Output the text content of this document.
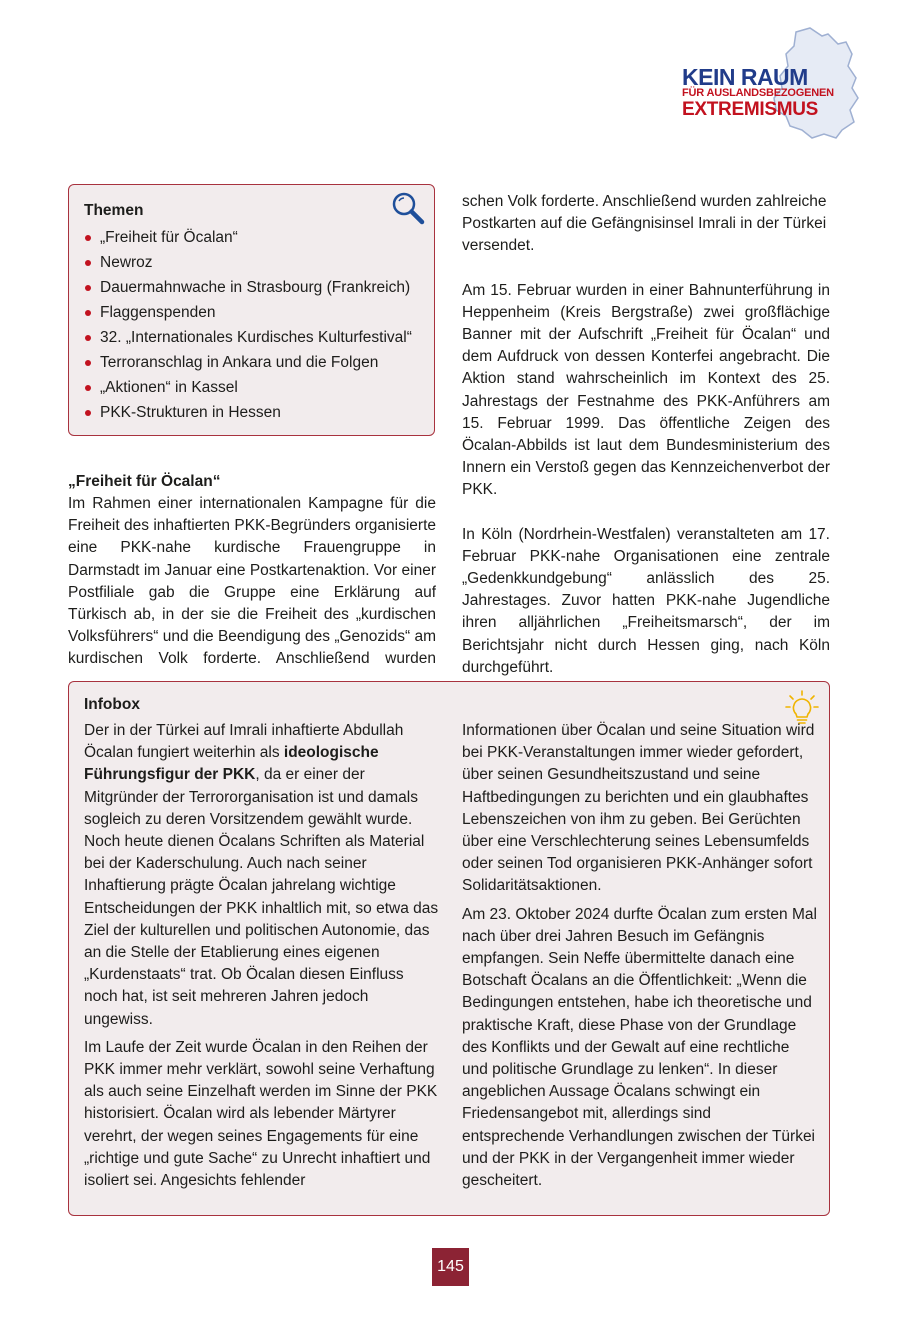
KEIN RAUM
FÜR AUSLANDSBEZOGENEN
EXTREMISMUS
Themen
„Freiheit für Öcalan“
Newroz
Dauermahnwache in Strasbourg (Frankreich)
Flaggenspenden
32. „Internationales Kurdisches Kulturfestival“
Terroranschlag in Ankara und die Folgen
„Aktionen“ in Kassel
PKK-Strukturen in Hessen
„Freiheit für Öcalan“

Im Rahmen einer internationalen Kampagne für die Freiheit des inhaftierten PKK-Begründers organisierte eine PKK-nahe kurdische Frauengruppe in Darmstadt im Januar eine Postkartenaktion. Vor einer Postfiliale gab die Gruppe eine Erklärung auf Türkisch ab, in der sie die Freiheit des „kurdischen Volksführers“ und die Beendigung des „Genozids“ am kurdischen Volk forderte. Anschließend wurden

schen Volk forderte. Anschließend wurden zahlreiche Postkarten auf die Gefängnisinsel Imrali in der Türkei versendet.

Am 15. Februar wurden in einer Bahnunterführung in Heppenheim (Kreis Bergstraße) zwei großflächige Banner mit der Aufschrift „Freiheit für Öcalan“ und dem Aufdruck von dessen Konterfei angebracht. Die Aktion stand wahrscheinlich im Kontext des 25. Jahrestags der Festnahme des PKK-Anführers am 15. Februar 1999. Das öffentliche Zeigen des Öcalan-Abbilds ist laut dem Bundesministerium des Innern ein Verstoß gegen das Kennzeichenverbot der PKK.

In Köln (Nordrhein-Westfalen) veranstalteten am 17. Februar PKK-nahe Organisationen eine zentrale „Gedenkkundgebung“ anlässlich des 25. Jahrestages. Zuvor hatten PKK-nahe Jugendliche ihren alljährlichen „Freiheitsmarsch“, der im Berichtsjahr nicht durch Hessen ging, nach Köln durchgeführt.

Infobox

Der in der Türkei auf Imrali inhaftierte Abdullah Öcalan fungiert weiterhin als ideologische Führungsfigur der PKK, da er einer der Mitgründer der Terrororganisation ist und damals sogleich zu deren Vorsitzendem gewählt wurde. Noch heute dienen Öcalans Schriften als Material bei der Kaderschulung. Auch nach seiner Inhaftierung prägte Öcalan jahrelang wichtige Entscheidungen der PKK inhaltlich mit, so etwa das Ziel der kulturellen und politischen Autonomie, das an die Stelle der Etablierung eines eigenen „Kurdenstaats“ trat. Ob Öcalan diesen Einfluss noch hat, ist seit mehreren Jahren jedoch ungewiss.

Im Laufe der Zeit wurde Öcalan in den Reihen der PKK immer mehr verklärt, sowohl seine Verhaftung als auch seine Einzelhaft werden im Sinne der PKK historisiert. Öcalan wird als lebender Märtyrer verehrt, der wegen seines Engagements für eine „richtige und gute Sache“ zu Unrecht inhaftiert und isoliert sei. Angesichts fehlender

Informationen über Öcalan und seine Situation wird bei PKK-Veranstaltungen immer wieder gefordert, über seinen Gesundheitszustand und seine Haftbedingungen zu berichten und ein glaubhaftes Lebenszeichen von ihm zu geben. Bei Gerüchten über eine Verschlechterung seines Lebensumfelds oder seinen Tod organisieren PKK-Anhänger sofort Solidaritätsaktionen.

Am 23. Oktober 2024 durfte Öcalan zum ersten Mal nach über drei Jahren Besuch im Gefängnis empfangen. Sein Neffe übermittelte danach eine Botschaft Öcalans an die Öffentlichkeit: „Wenn die Bedingungen entstehen, habe ich theoretische und praktische Kraft, diese Phase von der Grundlage des Konflikts und der Gewalt auf eine rechtliche und politische Grundlage zu lenken“. In dieser angeblichen Aussage Öcalans schwingt ein Friedensangebot mit, allerdings sind entsprechende Verhandlungen zwischen der Türkei und der PKK in der Vergangenheit immer wieder gescheitert.

145
